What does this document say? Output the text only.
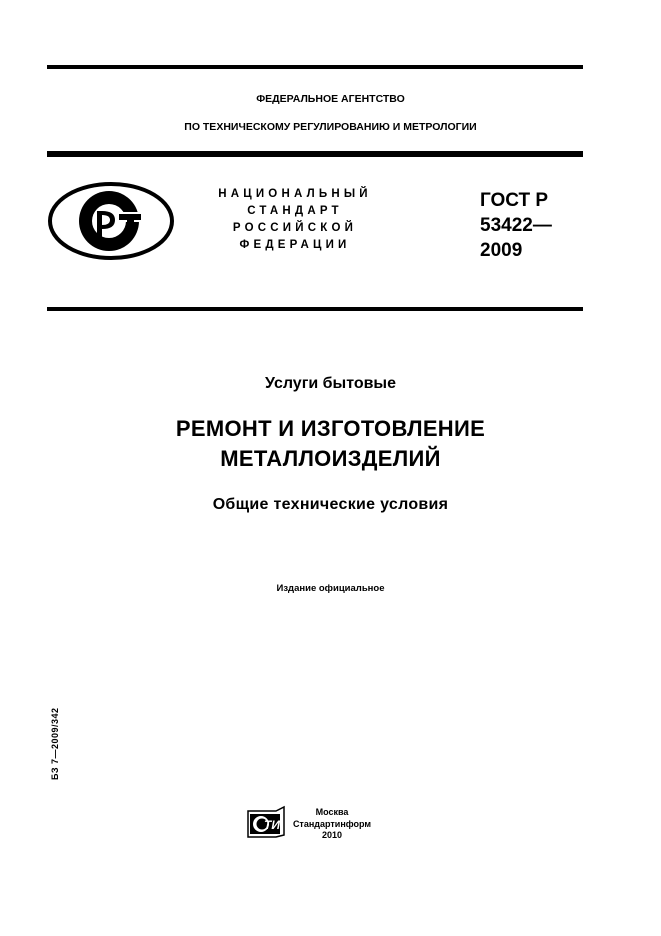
ФЕДЕРАЛЬНОЕ АГЕНТСТВО
ПО ТЕХНИЧЕСКОМУ РЕГУЛИРОВАНИЮ И МЕТРОЛОГИИ
НАЦИОНАЛЬНЫЙ
СТАНДАРТ
РОССИЙСКОЙ
ФЕДЕРАЦИИ
ГОСТ Р
53422—
2009
Услуги бытовые
РЕМОНТ И ИЗГОТОВЛЕНИЕ
МЕТАЛЛОИЗДЕЛИЙ
Общие технические условия
Издание официальное
БЗ 7—2009/342
ТИ
Москва
Стандартинформ
2010
